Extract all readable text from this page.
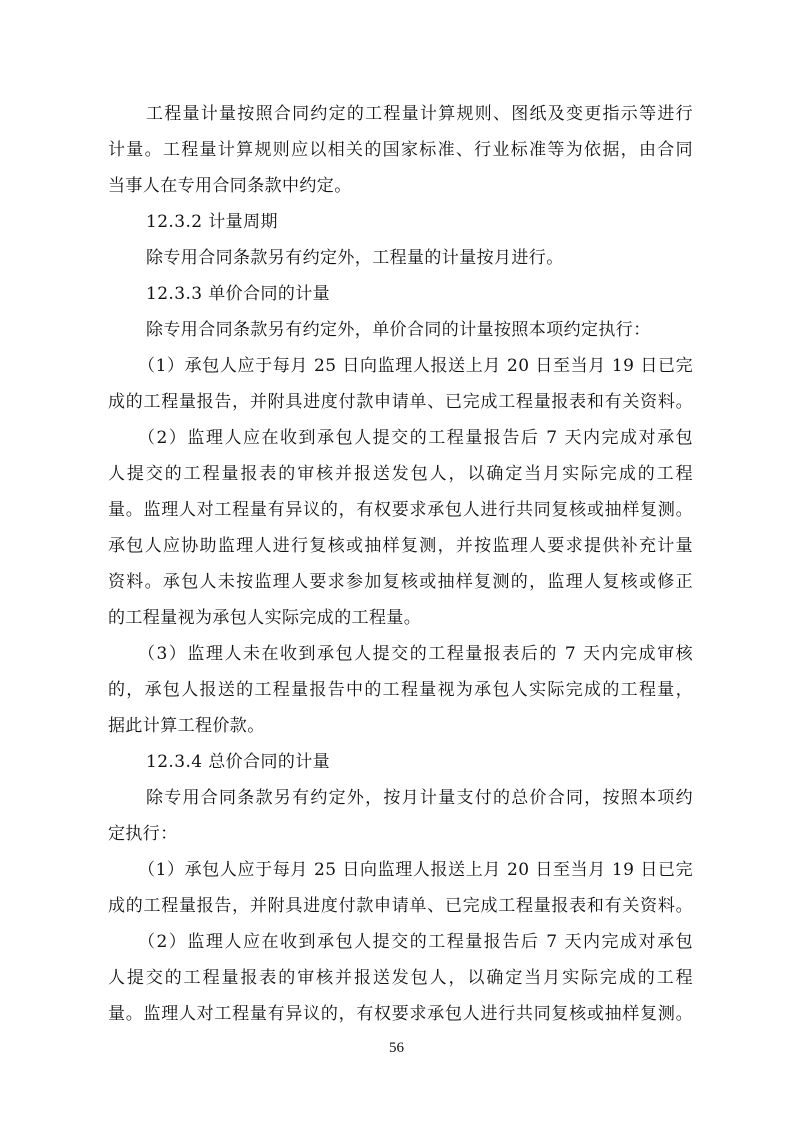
工程量计量按照合同约定的工程量计算规则、图纸及变更指示等进行
计量。工程量计算规则应以相关的国家标准、行业标准等为依据，由合同
当事人在专用合同条款中约定。
12.3.2 计量周期
除专用合同条款另有约定外，工程量的计量按月进行。
12.3.3 单价合同的计量
除专用合同条款另有约定外，单价合同的计量按照本项约定执行：
（1）承包人应于每月 25 日向监理人报送上月 20 日至当月 19 日已完
成的工程量报告，并附具进度付款申请单、已完成工程量报表和有关资料。
（2）监理人应在收到承包人提交的工程量报告后 7 天内完成对承包
人提交的工程量报表的审核并报送发包人，以确定当月实际完成的工程
量。监理人对工程量有异议的，有权要求承包人进行共同复核或抽样复测。
承包人应协助监理人进行复核或抽样复测，并按监理人要求提供补充计量
资料。承包人未按监理人要求参加复核或抽样复测的，监理人复核或修正
的工程量视为承包人实际完成的工程量。
（3）监理人未在收到承包人提交的工程量报表后的 7 天内完成审核
的，承包人报送的工程量报告中的工程量视为承包人实际完成的工程量，
据此计算工程价款。
12.3.4 总价合同的计量
除专用合同条款另有约定外，按月计量支付的总价合同，按照本项约
定执行：
（1）承包人应于每月 25 日向监理人报送上月 20 日至当月 19 日已完
成的工程量报告，并附具进度付款申请单、已完成工程量报表和有关资料。
（2）监理人应在收到承包人提交的工程量报告后 7 天内完成对承包
人提交的工程量报表的审核并报送发包人，以确定当月实际完成的工程
量。监理人对工程量有异议的，有权要求承包人进行共同复核或抽样复测。
56
